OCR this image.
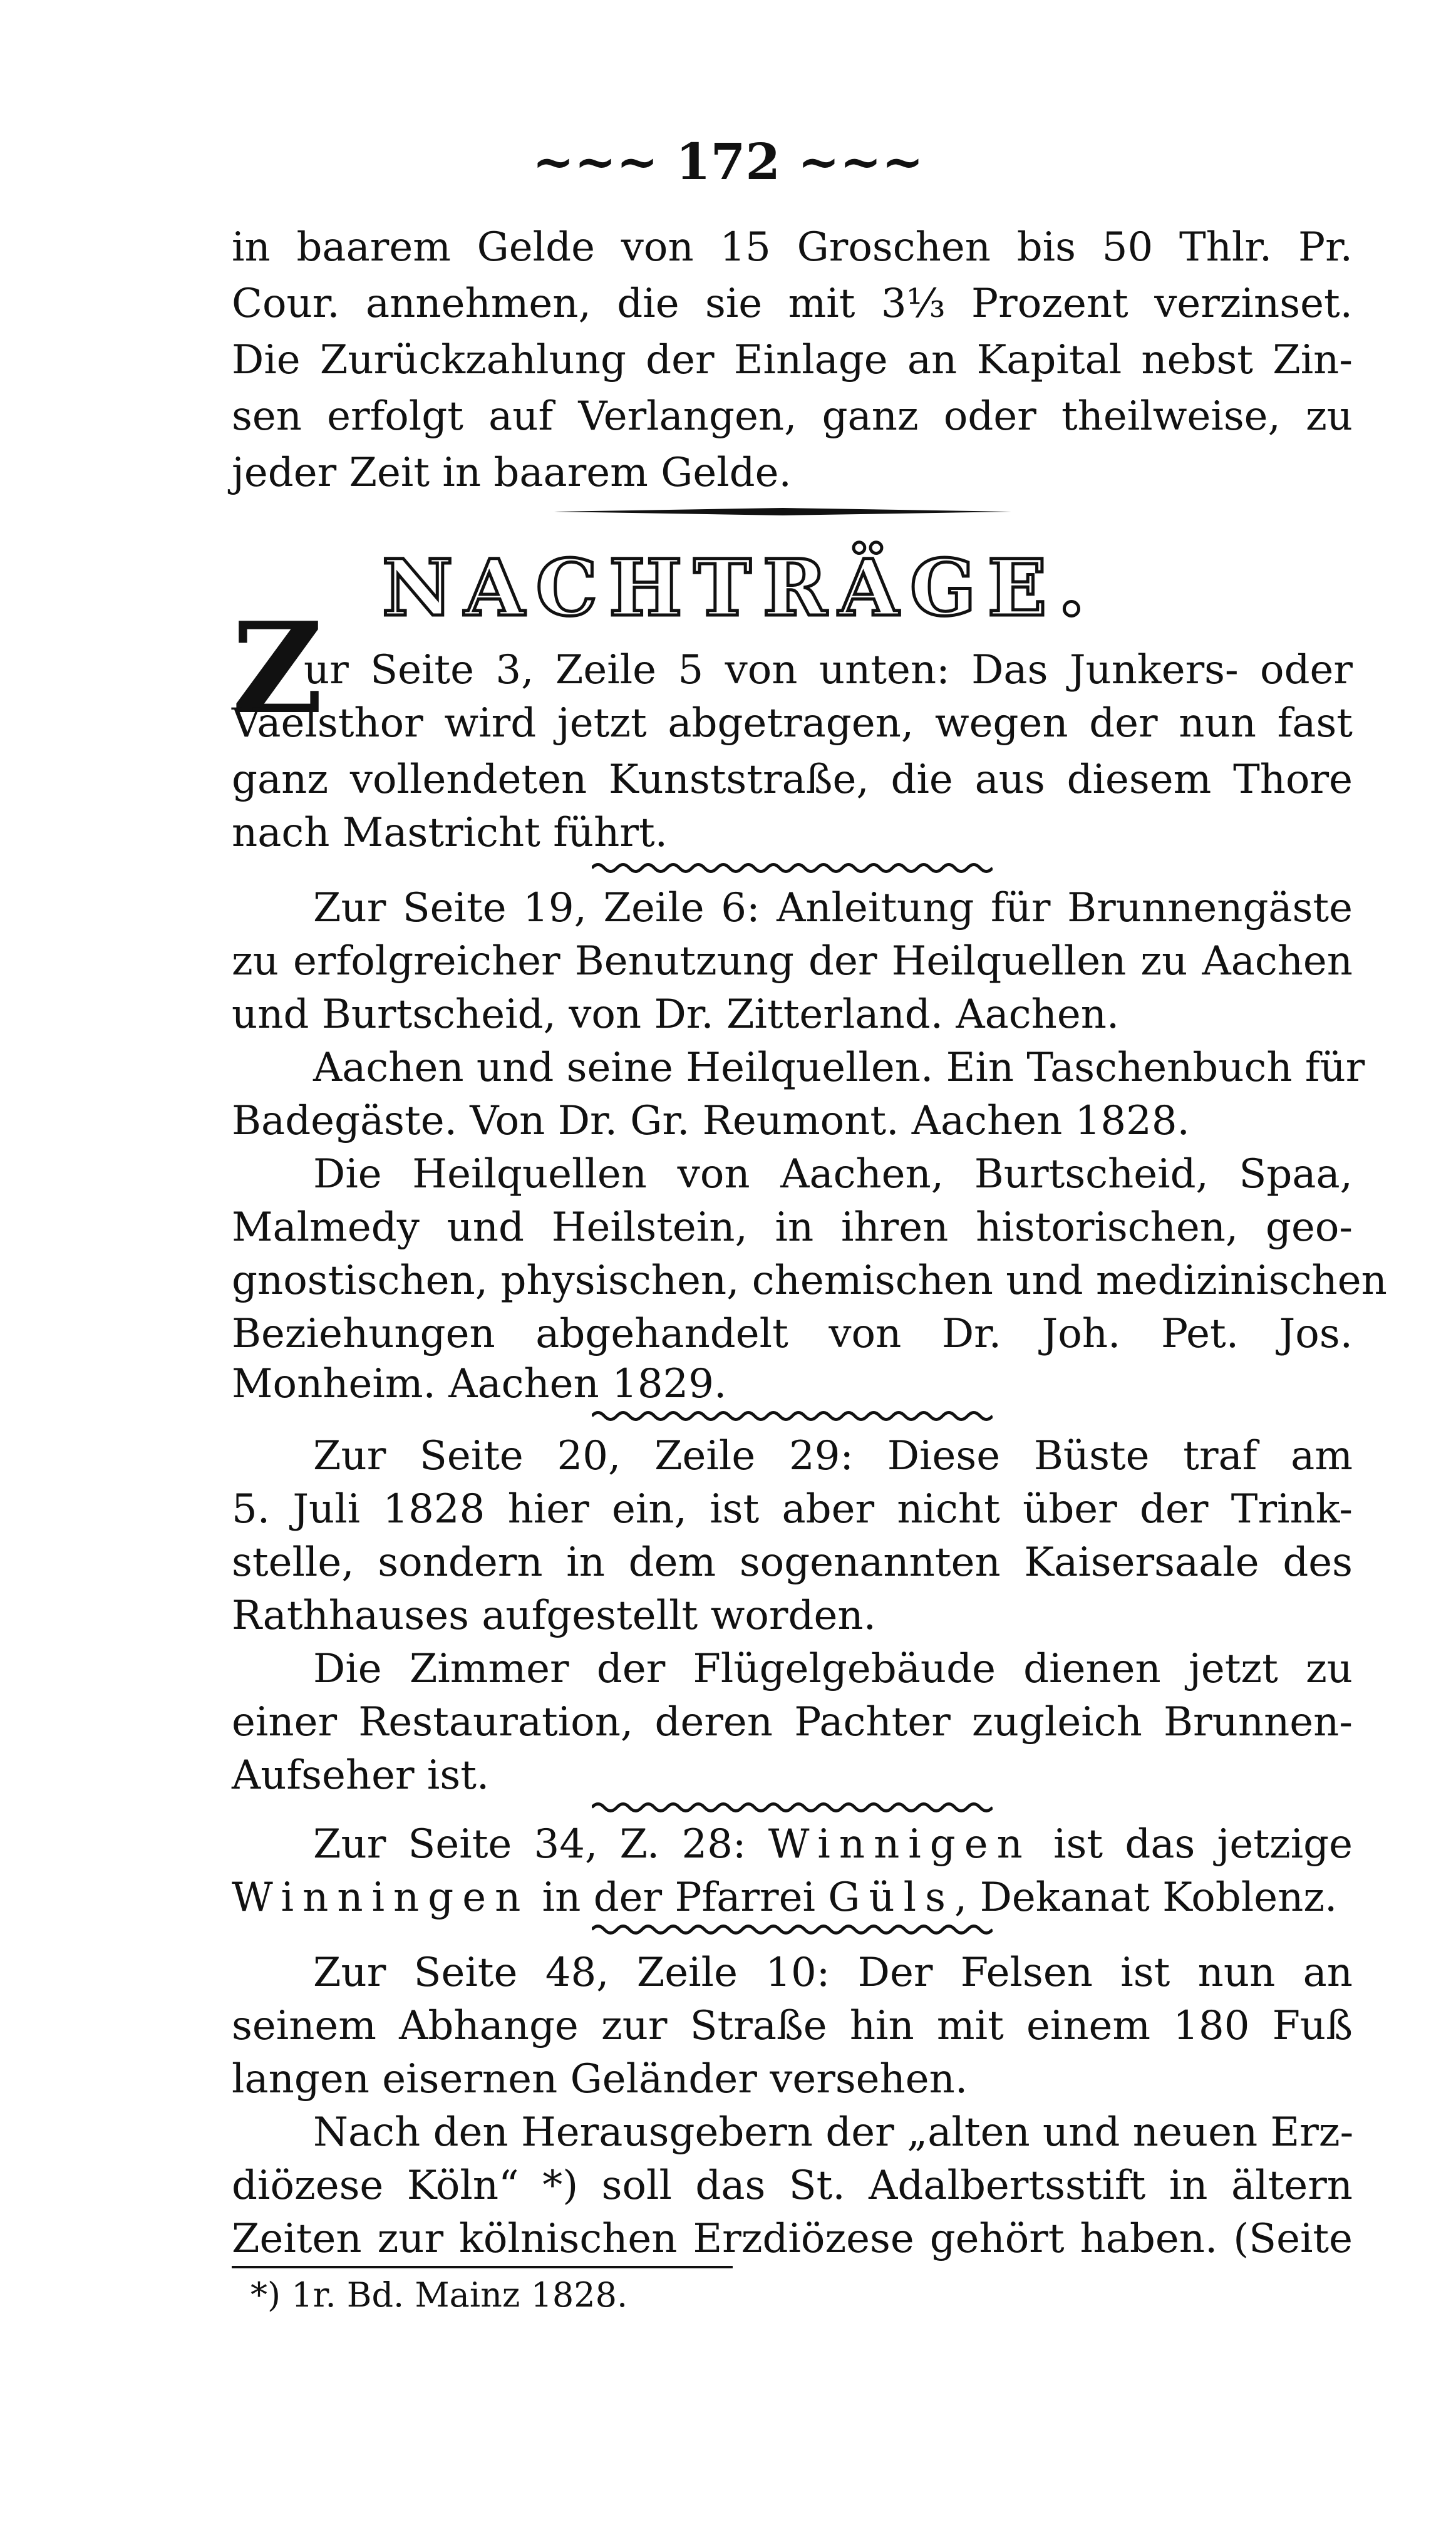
~~~ 172 ~~~
in baarem Gelde von 15 Groschen bis 50 Thlr. Pr.
Cour. annehmen, die sie mit 3⅓ Prozent verzinset.
Die Zurückzahlung der Einlage an Kapital nebst Zin-
sen erfolgt auf Verlangen, ganz oder theilweise, zu
jeder Zeit in baarem Gelde.
NACHTRÄGE.
Z
ur Seite 3, Zeile 5 von unten: Das Junkers- oder
Vaelsthor wird jetzt abgetragen, wegen der nun fast
ganz vollendeten Kunststraße, die aus diesem Thore
nach Mastricht führt.
Zur Seite 19, Zeile 6: Anleitung für Brunnengäste
zu erfolgreicher Benutzung der Heilquellen zu Aachen
und Burtscheid, von Dr. Zitterland. Aachen.
Aachen und seine Heilquellen. Ein Taschenbuch für
Badegäste. Von Dr. Gr. Reumont. Aachen 1828.
Die Heilquellen von Aachen, Burtscheid, Spaa,
Malmedy und Heilstein, in ihren historischen, geo-
gnostischen, physischen, chemischen und medizinischen
Beziehungen abgehandelt von Dr. Joh. Pet. Jos.
Monheim. Aachen 1829.
Zur Seite 20, Zeile 29: Diese Büste traf am
5. Juli 1828 hier ein, ist aber nicht über der Trink-
stelle, sondern in dem sogenannten Kaisersaale des
Rathhauses aufgestellt worden.
Die Zimmer der Flügelgebäude dienen jetzt zu
einer Restauration, deren Pachter zugleich Brunnen-
Aufseher ist.
Zur Seite 34, Z. 28: Winnigen ist das jetzige
Winningen in der Pfarrei Güls, Dekanat Koblenz.
Zur Seite 48, Zeile 10: Der Felsen ist nun an
seinem Abhange zur Straße hin mit einem 180 Fuß
langen eisernen Geländer versehen.
Nach den Herausgebern der „alten und neuen Erz-
diözese Köln“ *) soll das St. Adalbertsstift in ältern
Zeiten zur kölnischen Erzdiözese gehört haben. (Seite
*) 1r. Bd. Mainz 1828.
